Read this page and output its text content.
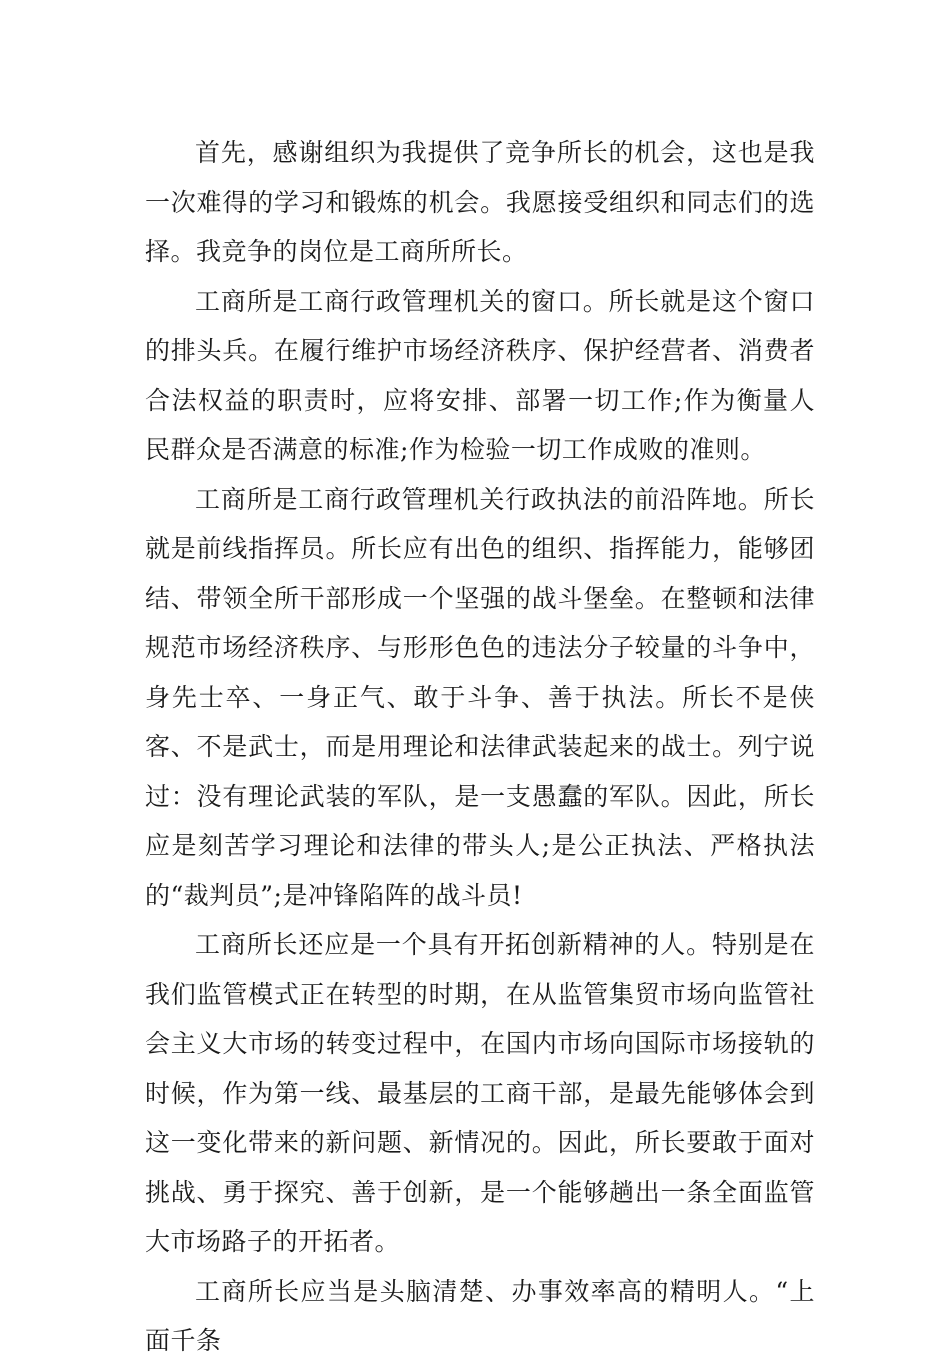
首先，感谢组织为我提供了竞争所长的机会，这也是我一次难得的学习和锻炼的机会。我愿接受组织和同志们的选择。我竞争的岗位是工商所所长。

工商所是工商行政管理机关的窗口。所长就是这个窗口的排头兵。在履行维护市场经济秩序、保护经营者、消费者合法权益的职责时，应将安排、部署一切工作;作为衡量人民群众是否满意的标准;作为检验一切工作成败的准则。

工商所是工商行政管理机关行政执法的前沿阵地。所长就是前线指挥员。所长应有出色的组织、指挥能力，能够团结、带领全所干部形成一个坚强的战斗堡垒。在整顿和法律规范市场经济秩序、与形形色色的违法分子较量的斗争中，身先士卒、一身正气、敢于斗争、善于执法。所长不是侠客、不是武士，而是用理论和法律武装起来的战士。列宁说过：没有理论武装的军队，是一支愚蠢的军队。因此，所长应是刻苦学习理论和法律的带头人;是公正执法、严格执法的“裁判员”;是冲锋陷阵的战斗员!

工商所长还应是一个具有开拓创新精神的人。特别是在我们监管模式正在转型的时期，在从监管集贸市场向监管社会主义大市场的转变过程中，在国内市场向国际市场接轨的时候，作为第一线、最基层的工商干部，是最先能够体会到这一变化带来的新问题、新情况的。因此，所长要敢于面对挑战、勇于探究、善于创新，是一个能够趟出一条全面监管大市场路子的开拓者。

工商所长应当是头脑清楚、办事效率高的精明人。“上面千条
